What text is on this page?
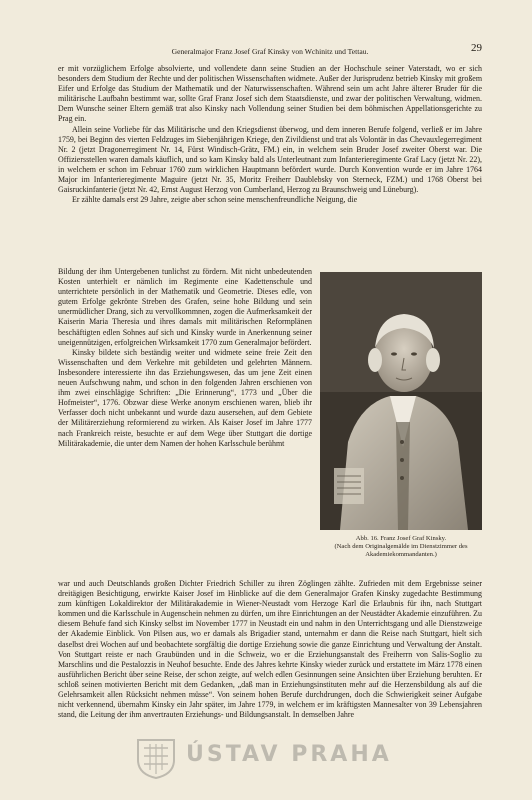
Generalmajor Franz Josef Graf Kinsky von Wchinitz und Tettau.	29

er mit vorzüglichem Erfolge absolvierte, und vollendete dann seine Studien an der Hochschule seiner Vaterstadt, wo er sich besonders dem Studium der Rechte und der politischen Wissenschaften widmete. Außer der Jurisprudenz betrieb Kinsky mit großem Eifer und Erfolge das Studium der Mathematik und der Naturwissenschaften. Während sein um acht Jahre älterer Bruder für die militärische Laufbahn bestimmt war, sollte Graf Franz Josef sich dem Staatsdienste, und zwar der politischen Verwaltung, widmen. Dem Wunsche seiner Eltern gemäß trat also Kinsky nach Vollendung seiner Studien bei dem böhmischen Appellationsgerichte zu Prag ein.

Allein seine Vorliebe für das Militärische und den Kriegsdienst überwog, und dem inneren Berufe folgend, verließ er im Jahre 1759, bei Beginn des vierten Feldzuges im Siebenjährigen Kriege, den Zivildienst und trat als Volontär in das Chevauxlegerregiment Nr. 2 (jetzt Dragonerregiment Nr. 14, Fürst Windisch-Grätz, FM.) ein, in welchem sein Bruder Josef zweiter Oberst war. Die Offiziersstellen waren damals käuflich, und so kam Kinsky bald als Unterleutnant zum Infanterieregimente Graf Lacy (jetzt Nr. 22), in welchem er schon im Februar 1760 zum wirklichen Hauptmann befördert wurde. Durch Konvention wurde er im Jahre 1764 Major im Infanterieregimente Maguire (jetzt Nr. 35, Moritz Freiherr Daublebsky von Sterneck, FZM.) und 1768 Oberst bei Gaisruckinfanterie (jetzt Nr. 42, Ernst August Herzog von Cumberland, Herzog zu Braunschweig und Lüneburg).

Er zählte damals erst 29 Jahre, zeigte aber schon seine menschenfreundliche Neigung, die

Bildung der ihm Untergebenen tunlichst zu fördern. Mit nicht unbedeutenden Kosten unterhielt er nämlich im Regimente eine Kadettenschule und unterrichtete persönlich in der Mathematik und Geometrie. Dieses edle, von gutem Erfolge gekrönte Streben des Grafen, seine hohe Bildung und sein unermüdlicher Drang, sich zu vervollkommnen, zogen die Aufmerksamkeit der Kaiserin Maria Theresia und ihres damals mit militärischen Reformplänen beschäftigten edlen Sohnes auf sich und Kinsky wurde in Anerkennung seiner uneigennützigen, erfolgreichen Wirksamkeit 1770 zum Generalmajor befördert.

Kinsky bildete sich beständig weiter und widmete seine freie Zeit den Wissenschaften und dem Verkehre mit gebildeten und gelehrten Männern. Insbesondere interessierte ihn das Erziehungswesen, das um jene Zeit einen neuen Aufschwung nahm, und schon in den folgenden Jahren erschienen von ihm zwei einschlägige Schriften: „Die Erinnerung“, 1773 und „Über die Hofmeister“, 1776. Obzwar diese Werke anonym erschienen waren, blieb ihr Verfasser doch nicht unbekannt und wurde dazu ausersehen, auf dem Gebiete der Militärerziehung reformierend zu wirken. Als Kaiser Josef im Jahre 1777 nach Frankreich reiste, besuchte er auf dem Wege über Stuttgart die dortige Militärakademie, die unter dem Namen der hohen Karlsschule berühmt

Abb. 16. Franz Josef Graf Kinsky.
(Nach dem Originalgemälde im Dienstzimmer des Akademiekommandanten.)

war und auch Deutschlands großen Dichter Friedrich Schiller zu ihren Zöglingen zählte. Zufrieden mit dem Ergebnisse seiner dreitägigen Besichtigung, erwirkte Kaiser Josef im Hinblicke auf die dem Generalmajor Grafen Kinsky zugedachte Bestimmung zum künftigen Lokaldirektor der Militärakademie in Wiener-Neustadt vom Herzoge Karl die Erlaubnis für ihn, nach Stuttgart kommen und die Karlsschule in Augenschein nehmen zu dürfen, um ihre Einrichtungen an der Neustädter Akademie einzuführen. Zu diesem Behufe fand sich Kinsky selbst im November 1777 in Neustadt ein und nahm in den Unterrichtsgang und alle Dienstzweige der Akademie Einblick. Von Pilsen aus, wo er damals als Brigadier stand, unternahm er dann die Reise nach Stuttgart, hielt sich daselbst drei Wochen auf und beobachtete sorgfältig die dortige Erziehung sowie die ganze Einrichtung und Verwaltung der Anstalt. Von Stuttgart reiste er nach Graubünden und in die Schweiz, wo er die Erziehungsanstalt des Freiherrn von Salis-Soglio zu Marschlins und die Pestalozzis in Neuhof besuchte. Ende des Jahres kehrte Kinsky wieder zurück und erstattete im März 1778 einen ausführlichen Bericht über seine Reise, der schon zeigte, auf welch edlen Gesinnungen seine Ansichten über Erziehung beruhten. Er schloß seinen motivierten Bericht mit dem Gedanken, „daß man in Erziehungsinstituten mehr auf die Herzensbildung als auf die Gelehrsamkeit allen Rücksicht nehmen müsse“. Von seinem hohen Berufe durchdrungen, doch die Schwierigkeit seiner Aufgabe nicht verkennend, übernahm Kinsky ein Jahr später, im Jahre 1779, in welchem er im kräftigsten Mannesalter von 39 Lebensjahren stand, die Leitung der ihm anvertrauten Erziehungs- und Bildungsanstalt. In demselben Jahre

ÚSTAV PRAHA
